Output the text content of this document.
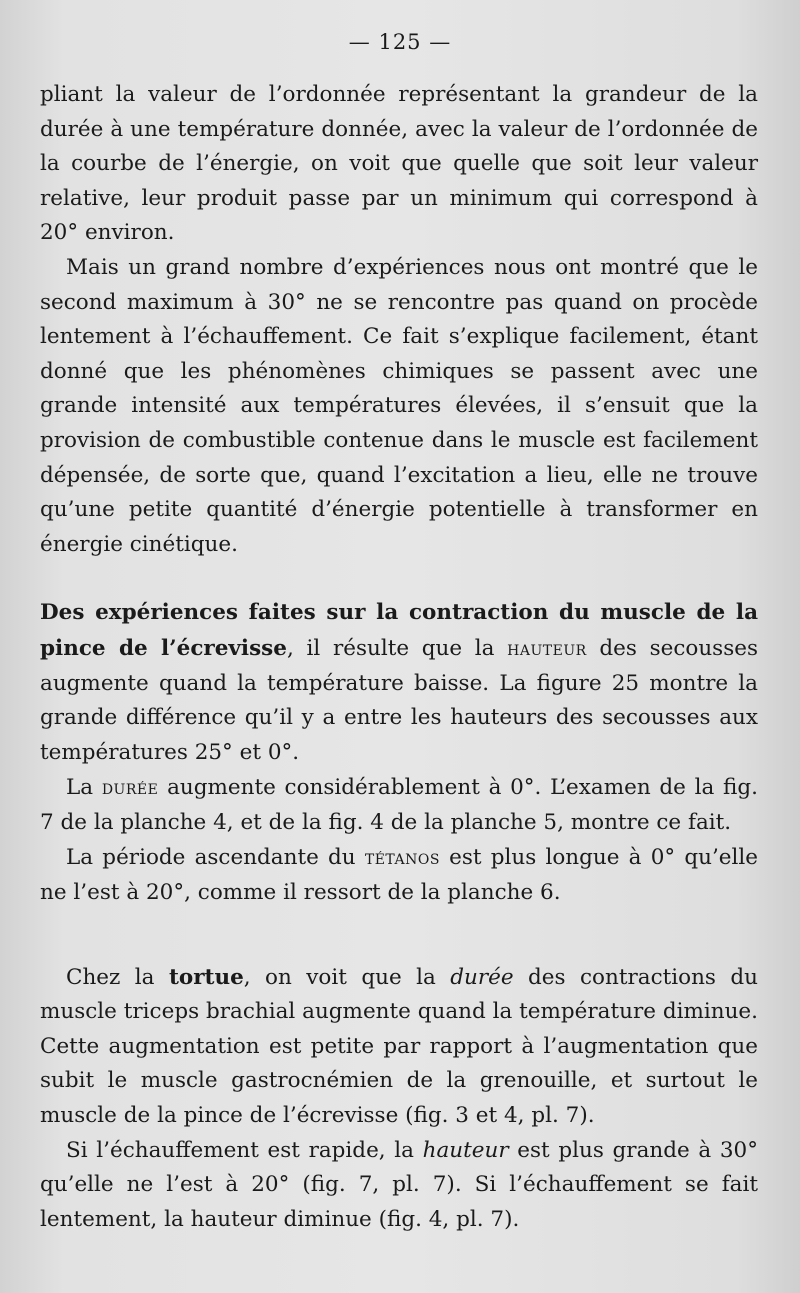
— 125 —

pliant la valeur de l’ordonnée représentant la grandeur de la durée à une température donnée, avec la valeur de l’ordonnée de la courbe de l’énergie, on voit que quelle que soit leur valeur relative, leur produit passe par un minimum qui correspond à 20° environ.

Mais un grand nombre d’expériences nous ont montré que le second maximum à 30° ne se rencontre pas quand on procède lentement à l’échauffement. Ce fait s’explique facilement, étant donné que les phénomènes chimiques se passent avec une grande intensité aux températures élevées, il s’ensuit que la provision de combustible contenue dans le muscle est facilement dépensée, de sorte que, quand l’excitation a lieu, elle ne trouve qu’une petite quantité d’énergie potentielle à transformer en énergie cinétique.

Des expériences faites sur la contraction du muscle de la pince de l’écrevisse, il résulte que la hauteur des secousses augmente quand la température baisse. La figure 25 montre la grande différence qu’il y a entre les hauteurs des secousses aux températures 25° et 0°.

La durée augmente considérablement à 0°. L’examen de la fig. 7 de la planche 4, et de la fig. 4 de la planche 5, montre ce fait.

La période ascendante du tétanos est plus longue à 0° qu’elle ne l’est à 20°, comme il ressort de la planche 6.

Chez la tortue, on voit que la durée des contractions du muscle triceps brachial augmente quand la température diminue. Cette augmentation est petite par rapport à l’augmentation que subit le muscle gastrocnémien de la grenouille, et surtout le muscle de la pince de l’écrevisse (fig. 3 et 4, pl. 7).

Si l’échauffement est rapide, la hauteur est plus grande à 30° qu’elle ne l’est à 20° (fig. 7, pl. 7). Si l’échauffement se fait lentement, la hauteur diminue (fig. 4, pl. 7).
